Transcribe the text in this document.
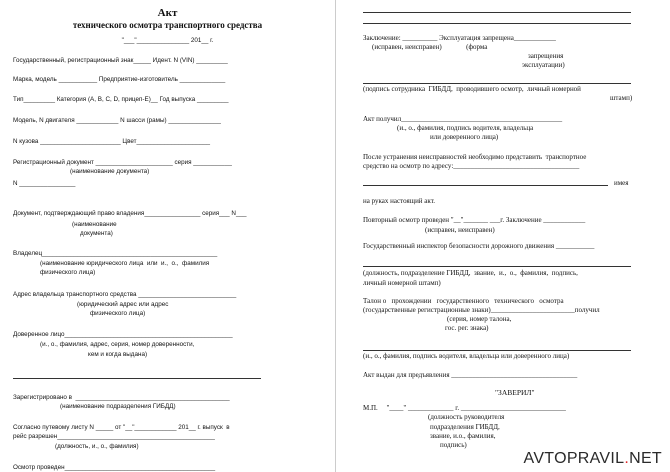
Акт
технического осмотра транспортного средства
"___"_______________ 201__ г.
Государственный, регистрационный знак_____ Идент. N (VIN) _________
Марка, модель ___________ Предприятие-изготовитель _____________
Тип_________ Категория (A, B, C, D, прицеп-E)__ Год выпуска _________
Модель, N двигателя ____________ N шасси (рамы) _______________
N кузова _______________________ Цвет_____________________
Регистрационный документ ______________________ серия ___________
(наименование документа)
N ________________
Документ, подтверждающий право владения________________ серия___ N___
(наименование
документа)
Владелец__________________________________________________
(наименование юридического лица  или  и.,  о.,  фамилия
физического лица)
Адрес владельца транспортного средства ____________________________
(юридический адрес или адрес
физического лица)
Доверенное лицо________________________________________________
(и., о., фамилия, адрес, серия, номер доверенности,
кем и когда выдана)
Зарегистрировано в  ____________________________________________
(наименование подразделения ГИБДД)
Согласно путевому листу N _____ от "__"____________ 201__ г. выпуск  в
рейс разрешен_____________________________________________
(должность, и., о., фамилия)
Осмотр проведен___________________________________________
Заключение: __________ Эксплуатация запрещена____________
(исправен, неисправен)              (форма
запрещения
эксплуатации)
(подпись сотрудника  ГИБДД,  проводившего осмотр,  личный номерной
штамп)
Акт получил______________________________________________
(и., о., фамилия, подпись водителя, владельца
или доверенного лица)
После устранения неисправностей необходимо представить  транспортное
средство на осмотр по адресу:____________________________________
имея
на руках настоящий акт.
Повторный осмотр проведен "__"_______ ___г. Заключение ____________
(исправен, неисправен)
Государственный инспектор безопасности дорожного движения ___________
(должность, подразделение ГИБДД,  звание,  и.,  о.,  фамилия,  подпись,
личный номерной штамп)
Талон о   прохождении   государственного   технического   осмотра
(государственные регистрационные знаки)________________________получил
(серия, номер талона,
гос. рег. знака)
(и., о., фамилия, подпись водителя, владельца или доверенного лица)
Акт выдан для предъявления ____________________________________
"ЗАВЕРИЛ"
М.П.     "____" _____________ г. ______________________________
(должность руководителя
подразделения ГИБДД,
звание, и.о., фамилия,
подпись)
AVTOPRAVIL.NET
